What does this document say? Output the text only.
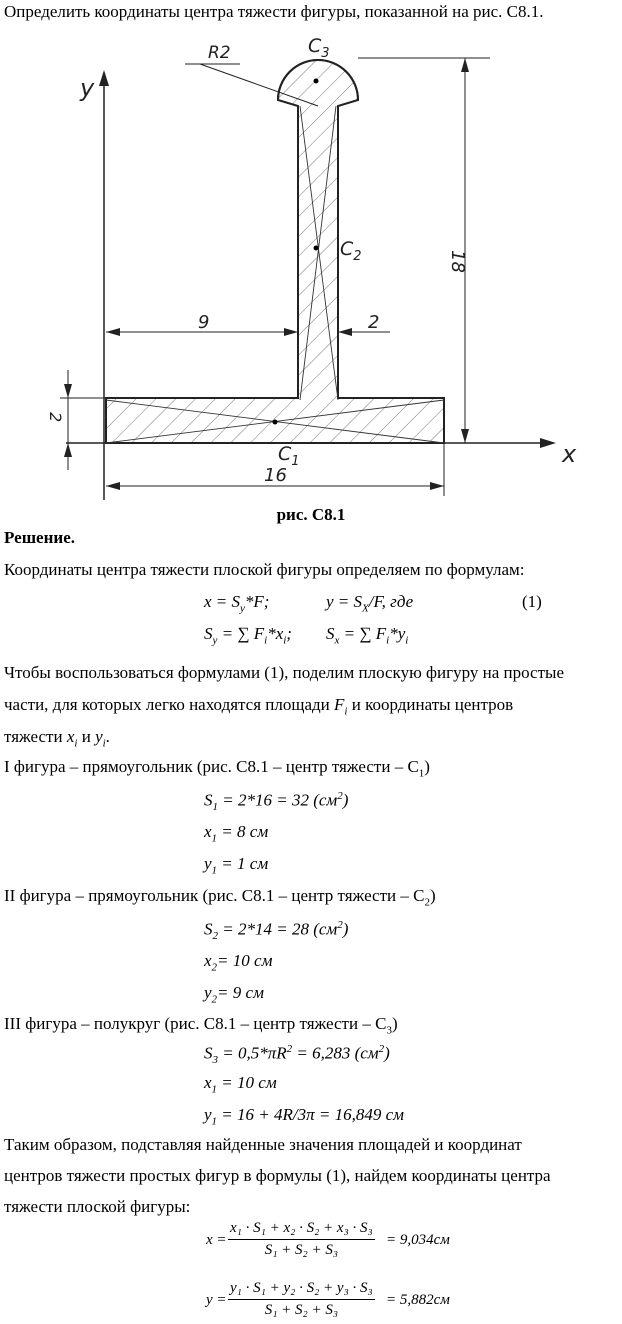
Определить координаты центра тяжести фигуры, показанной на рис. С8.1.
y
x
R2	$C_3$
$C_2$
$C_1$
9	2
18
2
16
рис. С8.1
Решение.
Координаты центра тяжести плоской фигуры определяем по формулам:
$x = S_y*F$;	$y = S_X/F$, где	(1)
$S_y$ = ∑ $F_i*x_i$; $S_x$ = ∑ $F_i*y_i$
Чтобы воспользоваться формулами (1), поделим плоскую фигуру на простые
части, для которых легко находятся площади $F_i$ и координаты центров
тяжести $x_i$ и $y_i$.
I фигура – прямоугольник (рис. С8.1 – центр тяжести – $C_1$)
$S_1 = 2*16 = 32$ $(см^2)$
$x_1 = 8$ см
$y_1 = 1$ см
II фигура – прямоугольник (рис. С8.1 – центр тяжести – $C_2$)
$S_2 = 2*14 = 28$ $(см^2)$
$x_2= 10$ см
$y_2= 9$ см
III фигура – полукруг (рис. С8.1 – центр тяжести – $C_3$)
$S_3 = 0,5*\pi R^2 = 6,283$ $(см^2)$
$x_1 = 10$ см
$y_1 = 16 + 4R/3\pi = 16,849$ см
Таким образом, подставляя найденные значения площадей и координат
центров тяжести простых фигур в формулы (1), найдем координаты центра
тяжести плоской фигуры:
$x = \frac{\text{x₁ · S₁ + x₂ · S₂ + x₃ · S₃}}{\text{S₁ + S₂ + S₃}} = 9,034см$
$y = \frac{\text{y₁ · S₁ + y₂ · S₂ + y₃ · S₃}}{\text{S₁ + S₂ + S₃}} = 5,882см$
